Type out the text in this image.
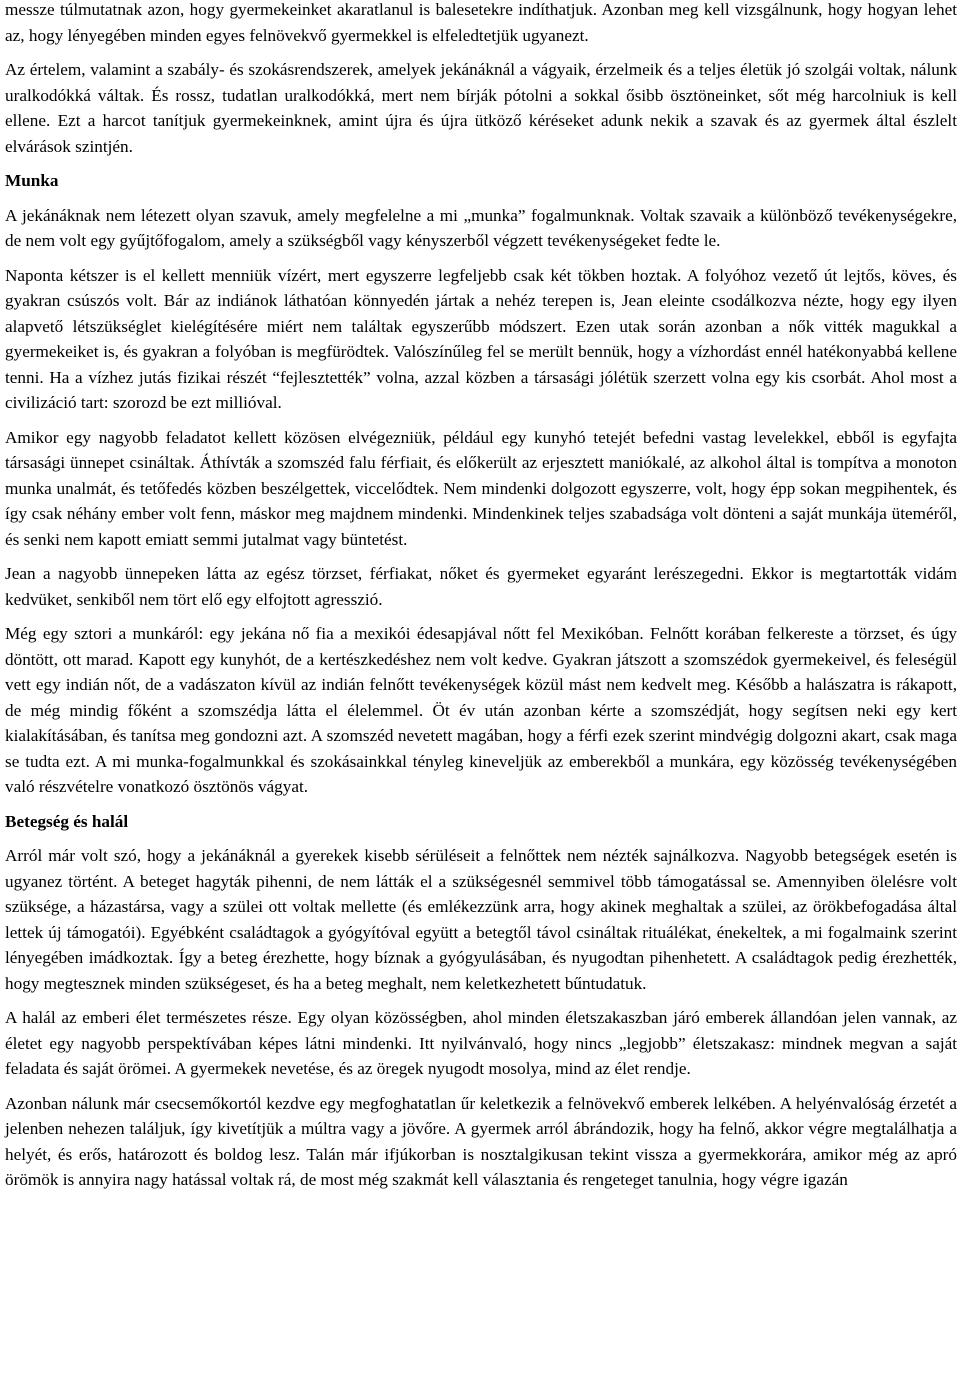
messze túlmutatnak azon, hogy gyermekeinket akaratlanul is balesetekre indíthatjuk. Azonban meg kell vizsgálnunk, hogy hogyan lehet az, hogy lényegében minden egyes felnövekvő gyermekkel is elfeledtetjük ugyanezt.

Az értelem, valamint a szabály- és szokásrendszerek, amelyek jekánáknál a vágyaik, érzelmeik és a teljes életük jó szolgái voltak, nálunk uralkodókká váltak. És rossz, tudatlan uralkodókká, mert nem bírják pótolni a sokkal ősibb ösztöneinket, sőt még harcolniuk is kell ellene. Ezt a harcot tanítjuk gyermekeinknek, amint újra és újra ütköző kéréseket adunk nekik a szavak és az gyermek által észlelt elvárások szintjén.

Munka

A jekánáknak nem létezett olyan szavuk, amely megfelelne a mi „munka” fogalmunknak. Voltak szavaik a különböző tevékenységekre, de nem volt egy gyűjtőfogalom, amely a szükségből vagy kényszerből végzett tevékenységeket fedte le.

Naponta kétszer is el kellett menniük vízért, mert egyszerre legfeljebb csak két tökben hoztak. A folyóhoz vezető út lejtős, köves, és gyakran csúszós volt. Bár az indiánok láthatóan könnyedén jártak a nehéz terepen is, Jean eleinte csodálkozva nézte, hogy egy ilyen alapvető létszükséglet kielégítésére miért nem találtak egyszerűbb módszert. Ezen utak során azonban a nők vitték magukkal a gyermekeiket is, és gyakran a folyóban is megfürödtek. Valószínűleg fel se merült bennük, hogy a vízhordást ennél hatékonyabbá kellene tenni. Ha a vízhez jutás fizikai részét “fejlesztették” volna, azzal közben a társasági jólétük szerzett volna egy kis csorbát. Ahol most a civilizáció tart: szorozd be ezt millióval.

Amikor egy nagyobb feladatot kellett közösen elvégezniük, például egy kunyhó tetejét befedni vastag levelekkel, ebből is egyfajta társasági ünnepet csináltak. Áthívták a szomszéd falu férfiait, és előkerült az erjesztett maniókalé, az alkohol által is tompítva a monoton munka unalmát, és tetőfedés közben beszélgettek, viccelődtek. Nem mindenki dolgozott egyszerre, volt, hogy épp sokan megpihentek, és így csak néhány ember volt fenn, máskor meg majdnem mindenki. Mindenkinek teljes szabadsága volt dönteni a saját munkája üteméről, és senki nem kapott emiatt semmi jutalmat vagy büntetést.

Jean a nagyobb ünnepeken látta az egész törzset, férfiakat, nőket és gyermeket egyaránt lerészegedni. Ekkor is megtartották vidám kedvüket, senkiből nem tört elő egy elfojtott agresszió.

Még egy sztori a munkáról: egy jekána nő fia a mexikói édesapjával nőtt fel Mexikóban. Felnőtt korában felkereste a törzset, és úgy döntött, ott marad. Kapott egy kunyhót, de a kertészkedéshez nem volt kedve. Gyakran játszott a szomszédok gyermekeivel, és feleségül vett egy indián nőt, de a vadászaton kívül az indián felnőtt tevékenységek közül mást nem kedvelt meg. Később a halászatra is rákapott, de még mindig főként a szomszédja látta el élelemmel. Öt év után azonban kérte a szomszédját, hogy segítsen neki egy kert kialakításában, és tanítsa meg gondozni azt. A szomszéd nevetett magában, hogy a férfi ezek szerint mindvégig dolgozni akart, csak maga se tudta ezt. A mi munka-fogalmunkkal és szokásainkkal tényleg kineveljük az emberekből a munkára, egy közösség tevékenységében való részvételre vonatkozó ösztönös vágyat.

Betegség és halál

Arról már volt szó, hogy a jekánáknál a gyerekek kisebb sérüléseit a felnőttek nem nézték sajnálkozva. Nagyobb betegségek esetén is ugyanez történt. A beteget hagyták pihenni, de nem látták el a szükségesnél semmivel több támogatással se. Amennyiben ölelésre volt szüksége, a házastársa, vagy a szülei ott voltak mellette (és emlékezzünk arra, hogy akinek meghaltak a szülei, az örökbefogadása által lettek új támogatói). Egyébként családtagok a gyógyítóval együtt a betegtől távol csináltak rituálékat, énekeltek, a mi fogalmaink szerint lényegében imádkoztak. Így a beteg érezhette, hogy bíznak a gyógyulásában, és nyugodtan pihenhetett. A családtagok pedig érezhették, hogy megtesznek minden szükségeset, és ha a beteg meghalt, nem keletkezhetett bűntudatuk.

A halál az emberi élet természetes része. Egy olyan közösségben, ahol minden életszakaszban járó emberek állandóan jelen vannak, az életet egy nagyobb perspektívában képes látni mindenki. Itt nyilvánvaló, hogy nincs „legjobb” életszakasz: mindnek megvan a saját feladata és saját örömei. A gyermekek nevetése, és az öregek nyugodt mosolya, mind az élet rendje.

Azonban nálunk már csecsemőkortól kezdve egy megfoghatatlan űr keletkezik a felnövekvő emberek lelkében. A helyénvalóság érzetét a jelenben nehezen találjuk, így kivetítjük a múltra vagy a jövőre. A gyermek arról ábrándozik, hogy ha felnő, akkor végre megtalálhatja a helyét, és erős, határozott és boldog lesz. Talán már ifjúkorban is nosztalgikusan tekint vissza a gyermekkorára, amikor még az apró örömök is annyira nagy hatással voltak rá, de most még szakmát kell választania és rengeteget tanulnia, hogy végre igazán
